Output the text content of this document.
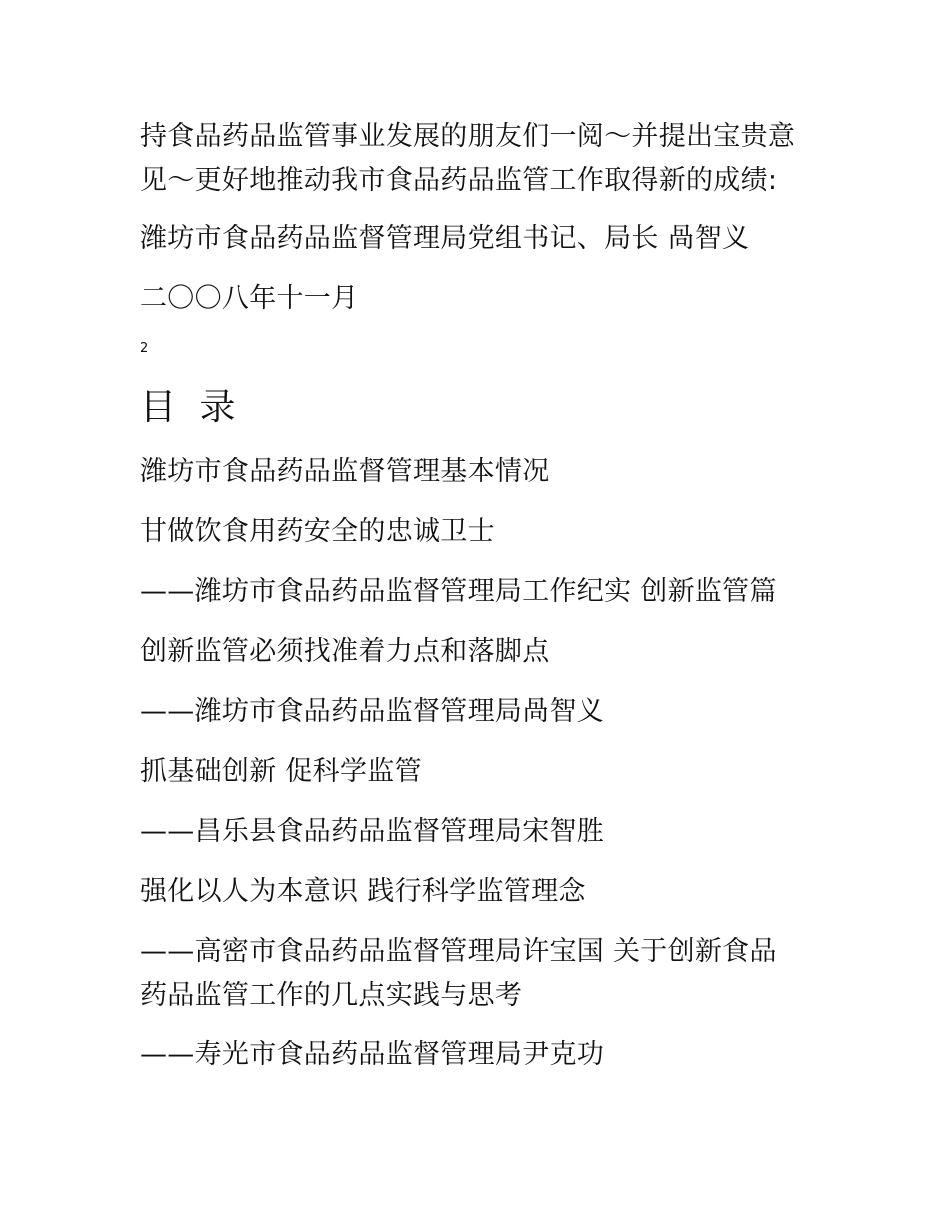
持食品药品监管事业发展的朋友们一阅～并提出宝贵意
见～更好地推动我市食品药品监管工作取得新的成绩:
潍坊市食品药品监督管理局党组书记、局长 咼智义
二〇〇八年十一月
2
目 录
潍坊市食品药品监督管理基本情况
甘做饮食用药安全的忠诚卫士
——潍坊市食品药品监督管理局工作纪实 创新监管篇
创新监管必须找准着力点和落脚点
——潍坊市食品药品监督管理局咼智义
抓基础创新 促科学监管
——昌乐县食品药品监督管理局宋智胜
强化以人为本意识 践行科学监管理念
——高密市食品药品监督管理局许宝国 关于创新食品
药品监管工作的几点实践与思考
——寿光市食品药品监督管理局尹克功
